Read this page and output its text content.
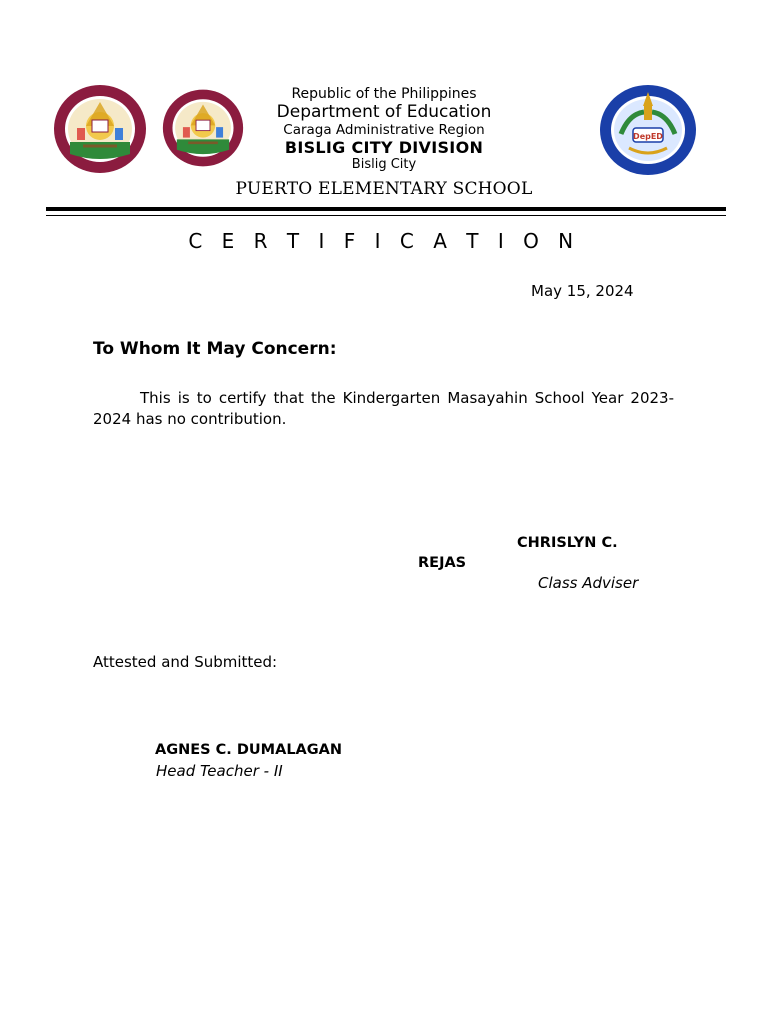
DepED
Republic of the Philippines
Department of Education
Caraga Administrative Region
BISLIG CITY DIVISION
Bislig City
PUERTO ELEMENTARY SCHOOL
C E R T I F I C A T I O N
May 15, 2024
To Whom It May Concern:
This is to certify that the Kindergarten Masayahin School Year 2023-2024 has no contribution.
CHRISLYN C.
REJAS
Class Adviser
Attested and Submitted:
AGNES C. DUMALAGAN
Head Teacher - II
